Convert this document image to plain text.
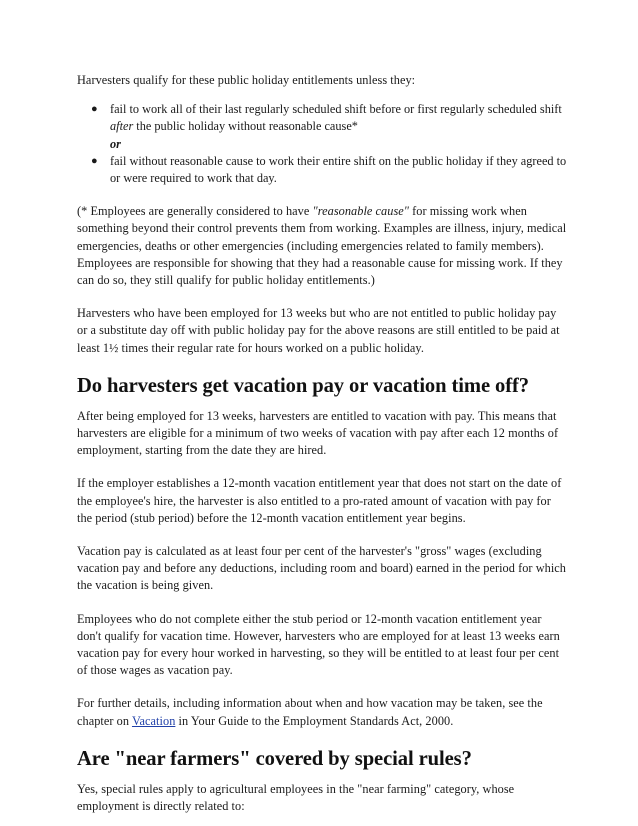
Harvesters qualify for these public holiday entitlements unless they:

● fail to work all of their last regularly scheduled shift before or first regularly scheduled shift after the public holiday without reasonable cause*
or
● fail without reasonable cause to work their entire shift on the public holiday if they agreed to or were required to work that day.

(* Employees are generally considered to have "reasonable cause" for missing work when something beyond their control prevents them from working. Examples are illness, injury, medical emergencies, deaths or other emergencies (including emergencies related to family members). Employees are responsible for showing that they had a reasonable cause for missing work. If they can do so, they still qualify for public holiday entitlements.)

Harvesters who have been employed for 13 weeks but who are not entitled to public holiday pay or a substitute day off with public holiday pay for the above reasons are still entitled to be paid at least 1½ times their regular rate for hours worked on a public holiday.

Do harvesters get vacation pay or vacation time off?

After being employed for 13 weeks, harvesters are entitled to vacation with pay. This means that harvesters are eligible for a minimum of two weeks of vacation with pay after each 12 months of employment, starting from the date they are hired.

If the employer establishes a 12-month vacation entitlement year that does not start on the date of the employee's hire, the harvester is also entitled to a pro-rated amount of vacation with pay for the period (stub period) before the 12-month vacation entitlement year begins.

Vacation pay is calculated as at least four per cent of the harvester's "gross" wages (excluding vacation pay and before any deductions, including room and board) earned in the period for which the vacation is being given.

Employees who do not complete either the stub period or 12-month vacation entitlement year don't qualify for vacation time. However, harvesters who are employed for at least 13 weeks earn vacation pay for every hour worked in harvesting, so they will be entitled to at least four per cent of those wages as vacation pay.

For further details, including information about when and how vacation may be taken, see the chapter on Vacation in Your Guide to the Employment Standards Act, 2000.

Are "near farmers" covered by special rules?

Yes, special rules apply to agricultural employees in the "near farming" category, whose employment is directly related to:
